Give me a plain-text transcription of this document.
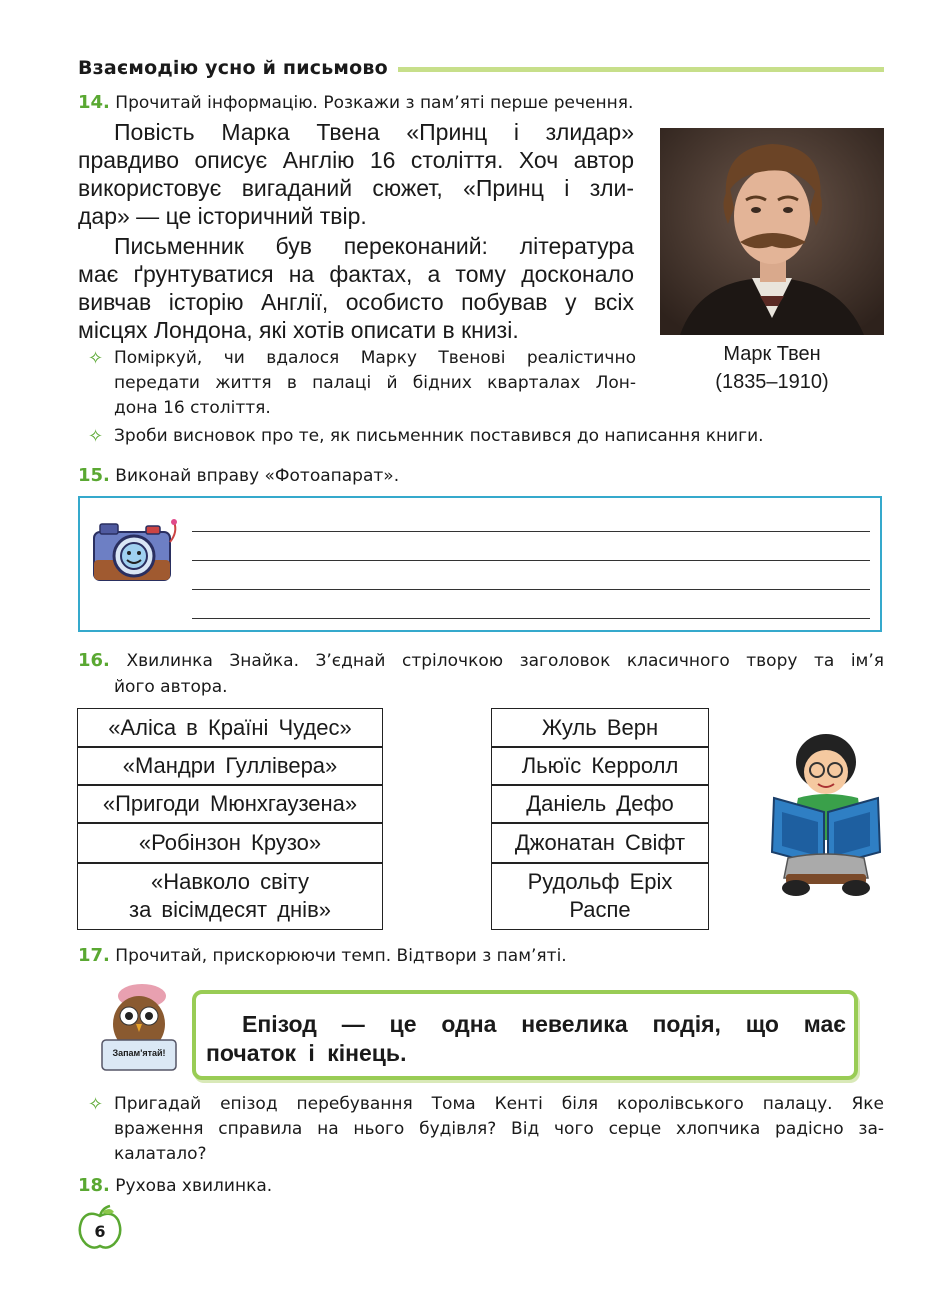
Взаємодію усно й письмово
14. Прочитай інформацію. Розкажи з пам’яті перше речення.
Повість Марка Твена «Принц і злидар»
правдиво описує Англію 16 століття. Хоч автор
використовує вигаданий сюжет, «Принц і зли-
дар» — це історичний твір.
Письменник був переконаний: література
має ґрунтуватися на фактах, а тому досконало
вивчав історію Англії, особисто побував у всіх
місцях Лондона, які хотів описати в книзі.
Марк Твен
(1835–1910)
✧ Поміркуй, чи вдалося Марку Твенові реалістично
передати життя в палаці й бідних кварталах Лон-
дона 16 століття.
✧ Зроби висновок про те, як письменник поставився до написання книги.
15. Виконай вправу «Фотоапарат».
16. Хвилинка Знайка. З’єднай стрілочкою заголовок класичного твору та ім’я
його автора.
«Аліса в Країні Чудес»
«Мандри Гуллівера»
«Пригоди Мюнхгаузена»
«Робінзон Крузо»
«Навколо світу
за вісімдесят днів»
Жуль Верн
Льюїс Керролл
Даніель Дефо
Джонатан Свіфт
Рудольф Еріх
Распе
17. Прочитай, прискорюючи темп. Відтвори з пам’яті.
Запам'ятай!
Епізод — це одна невелика подія, що має
початок і кінець.
✧ Пригадай епізод перебування Тома Кенті біля королівського палацу. Яке
враження справила на нього будівля? Від чого серце хлопчика радісно за-
калатало?
18. Рухова хвилинка.
6
